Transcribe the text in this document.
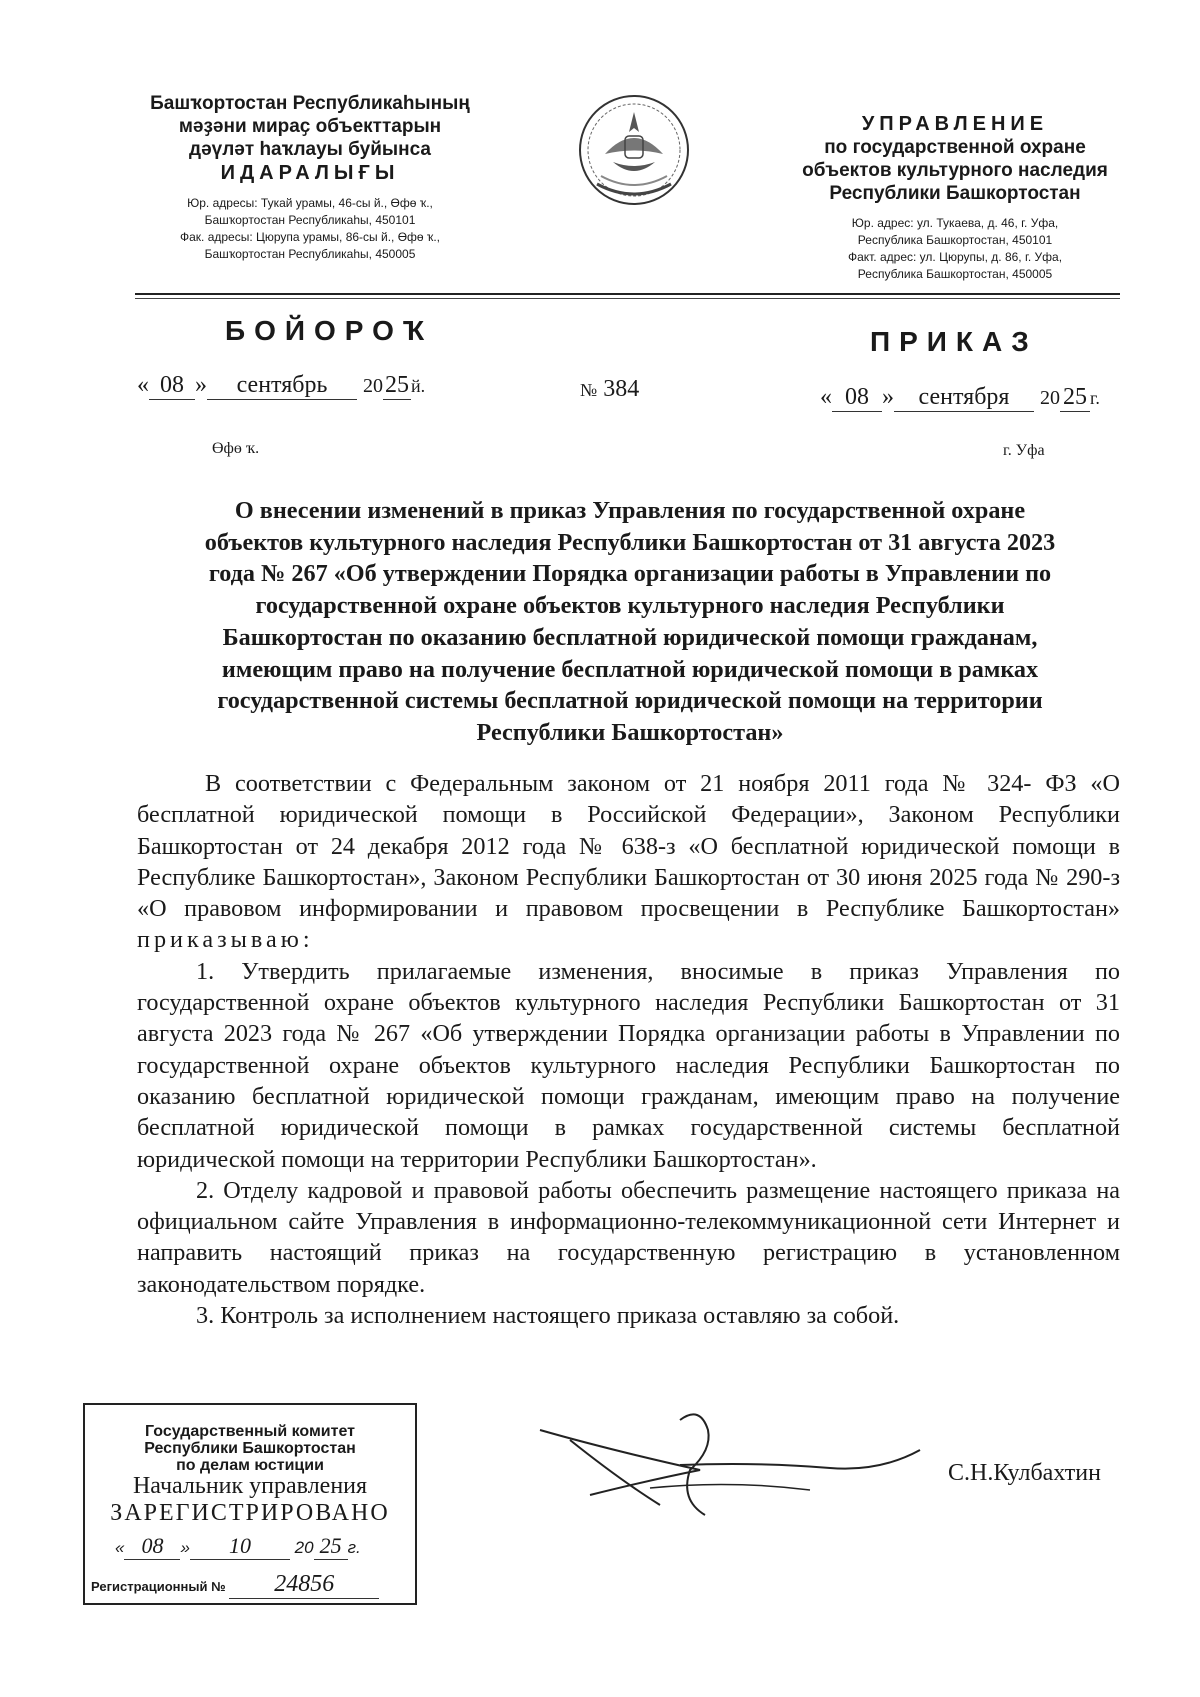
Башҡортостан Республикаһының
мәҙәни мираҫ объекттарын
дәүләт һаҡлауы буйынса
ИДАРАЛЫҒЫ
Юр. адресы: Тукай урамы, 46-сы й., Өфө ҡ.,
Башҡортостан Республикаһы, 450101
Фак. адресы: Цюрупа урамы, 86-сы й., Өфө ҡ.,
Башҡортостан Республикаһы, 450005
УПРАВЛЕНИЕ
по государственной охране
объектов культурного наследия
Республики Башкортостан
Юр. адрес: ул. Тукаева, д. 46, г. Уфа,
Республика Башкортостан, 450101
Факт. адрес: ул. Цюрупы, д. 86, г. Уфа,
Республика Башкортостан, 450005
БОЙОРОҠ	ПРИКАЗ
« 08 » сентябрь 2025 й.	№ 384	« 08 » сентября 20 25 г.
Өфө ҡ.	г. Уфа
О внесении изменений в приказ Управления по государственной охране
объектов культурного наследия Республики Башкортостан от 31 августа 2023
года № 267 «Об утверждении Порядка организации работы в Управлении по
государственной охране объектов культурного наследия Республики
Башкортостан по оказанию бесплатной юридической помощи гражданам,
имеющим право на получение бесплатной юридической помощи в рамках
государственной системы бесплатной юридической помощи на территории
Республики Башкортостан»

В соответствии с Федеральным законом от 21 ноября 2011 года № 324- ФЗ «О бесплатной юридической помощи в Российской Федерации», Законом Республики Башкортостан от 24 декабря 2012 года № 638-з «О бесплатной юридической помощи в Республике Башкортостан», Законом Республики Башкортостан от 30 июня 2025 года № 290-з «О правовом информировании и правовом просвещении в Республике Башкортостан» приказываю:

1. Утвердить прилагаемые изменения, вносимые в приказ Управления по государственной охране объектов культурного наследия Республики Башкортостан от 31 августа 2023 года № 267 «Об утверждении Порядка организации работы в Управлении по государственной охране объектов культурного наследия Республики Башкортостан по оказанию бесплатной юридической помощи гражданам, имеющим право на получение бесплатной юридической помощи в рамках государственной системы бесплатной юридической помощи на территории Республики Башкортостан».

2. Отделу кадровой и правовой работы обеспечить размещение настоящего приказа на официальном сайте Управления в информационно-телекоммуникационной сети Интернет и направить настоящий приказ на государственную регистрацию в установленном законодательством порядке.

3. Контроль за исполнением настоящего приказа оставляю за собой.

Государственный комитет
Республики Башкортостан
по делам юстиции
Начальник управления
ЗАРЕГИСТРИРОВАНО
« 08 » 10	20 25 г.
Регистрационный № 24856
С.Н.Кулбахтин
